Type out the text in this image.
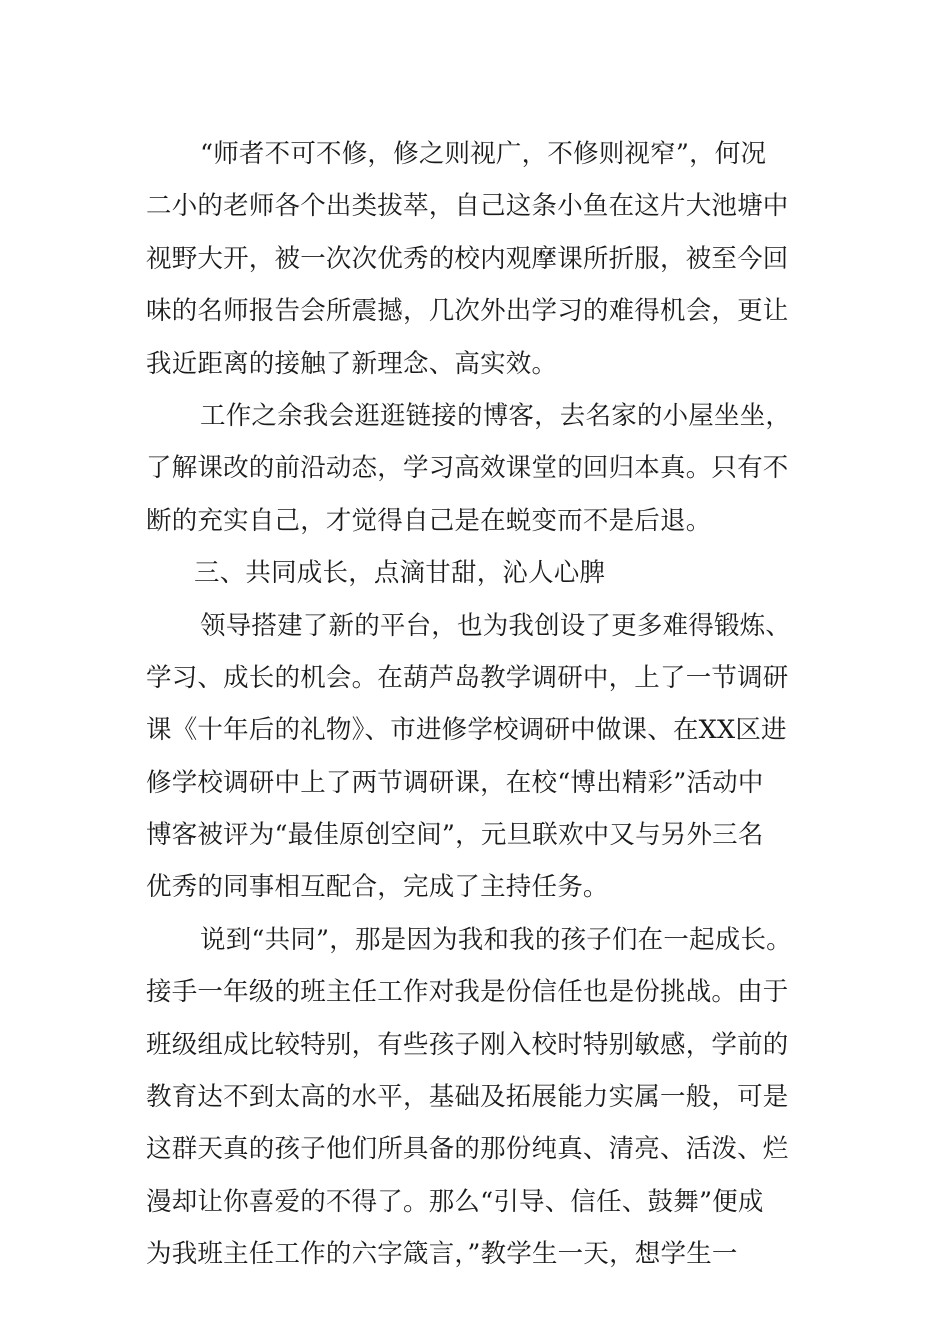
“师者不可不修，修之则视广，不修则视窄”，何况
二小的老师各个出类拔萃，自己这条小鱼在这片大池塘中
视野大开，被一次次优秀的校内观摩课所折服，被至今回
味的名师报告会所震撼，几次外出学习的难得机会，更让
我近距离的接触了新理念、高实效。
工作之余我会逛逛链接的博客，去名家的小屋坐坐，
了解课改的前沿动态，学习高效课堂的回归本真。只有不
断的充实自己，才觉得自己是在蜕变而不是后退。
三、共同成长，点滴甘甜，沁人心脾
领导搭建了新的平台，也为我创设了更多难得锻炼、
学习、成长的机会。在葫芦岛教学调研中，上了一节调研
课《十年后的礼物》、市进修学校调研中做课、在XX区进
修学校调研中上了两节调研课，在校“博出精彩”活动中
博客被评为“最佳原创空间”，元旦联欢中又与另外三名
优秀的同事相互配合，完成了主持任务。
说到“共同”，那是因为我和我的孩子们在一起成长。
接手一年级的班主任工作对我是份信任也是份挑战。由于
班级组成比较特别，有些孩子刚入校时特别敏感，学前的
教育达不到太高的水平，基础及拓展能力实属一般，可是
这群天真的孩子他们所具备的那份纯真、清亮、活泼、烂
漫却让你喜爱的不得了。那么“引导、信任、鼓舞”便成
为我班主任工作的六字箴言，”教学生一天，想学生一
